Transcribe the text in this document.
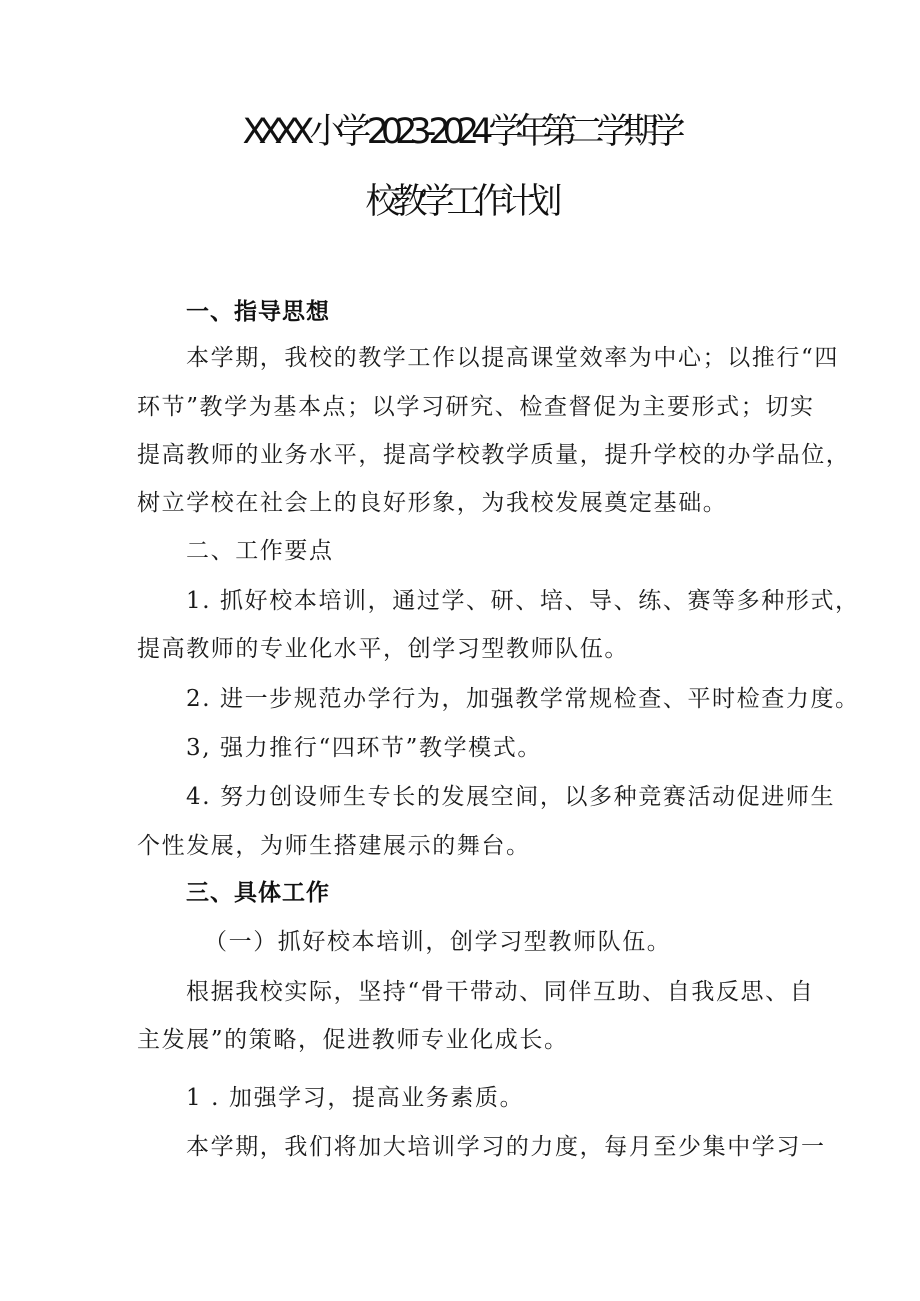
XXXX 小学 2023-2024 学年第二学期学
校教学工作计划
一、指导思想
本学期，我校的教学工作以提高课堂效率为中心；以推行“四
环节”教学为基本点；以学习研究、检查督促为主要形式；切实
提高教师的业务水平，提高学校教学质量，提升学校的办学品位，
树立学校在社会上的良好形象，为我校发展奠定基础。
二、工作要点
1. 抓好校本培训，通过学、研、培、导、练、赛等多种形式，
提高教师的专业化水平，创学习型教师队伍。
2. 进一步规范办学行为，加强教学常规检查、平时检查力度。
3, 强力推行“四环节”教学模式。
4. 努力创设师生专长的发展空间，以多种竞赛活动促进师生
个性发展，为师生搭建展示的舞台。
三、具体工作
（一）抓好校本培训，创学习型教师队伍。
根据我校实际，坚持“骨干带动、同伴互助、自我反思、自
主发展”的策略，促进教师专业化成长。
1 . 加强学习，提高业务素质。
本学期，我们将加大培训学习的力度，每月至少集中学习一
